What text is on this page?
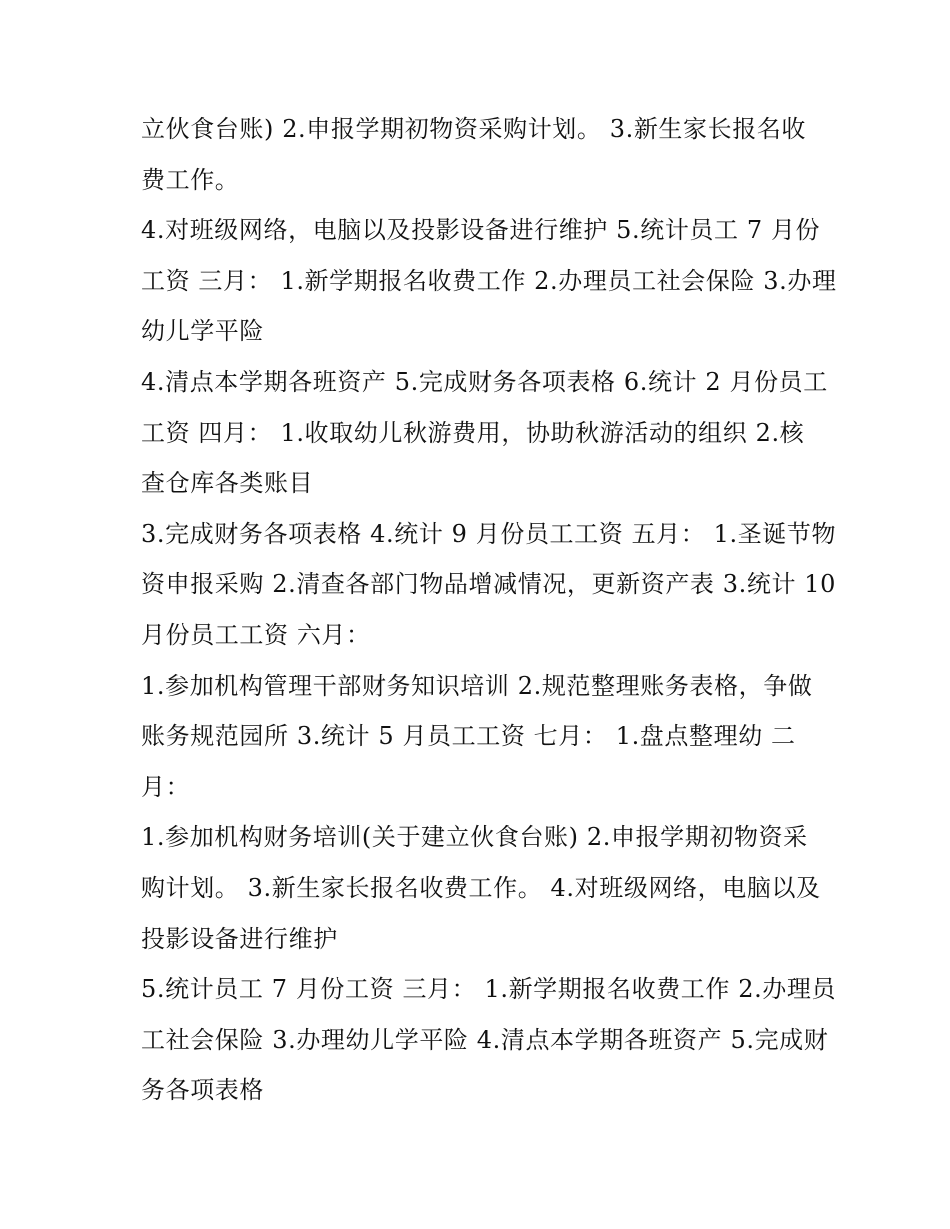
立伙食台账) 2.申报学期初物资采购计划。 3.新生家长报名收
费工作。
4.对班级网络，电脑以及投影设备进行维护 5.统计员工 7 月份
工资 三月： 1.新学期报名收费工作 2.办理员工社会保险 3.办理
幼儿学平险
4.清点本学期各班资产 5.完成财务各项表格 6.统计 2 月份员工
工资 四月： 1.收取幼儿秋游费用，协助秋游活动的组织 2.核
查仓库各类账目
3.完成财务各项表格 4.统计 9 月份员工工资 五月： 1.圣诞节物
资申报采购 2.清查各部门物品增减情况，更新资产表 3.统计 10
月份员工工资 六月：
1.参加机构管理干部财务知识培训 2.规范整理账务表格，争做
账务规范园所 3.统计 5 月员工工资 七月： 1.盘点整理幼 二
月：
1.参加机构财务培训(关于建立伙食台账) 2.申报学期初物资采
购计划。 3.新生家长报名收费工作。 4.对班级网络，电脑以及
投影设备进行维护
5.统计员工 7 月份工资 三月： 1.新学期报名收费工作 2.办理员
工社会保险 3.办理幼儿学平险 4.清点本学期各班资产 5.完成财
务各项表格
